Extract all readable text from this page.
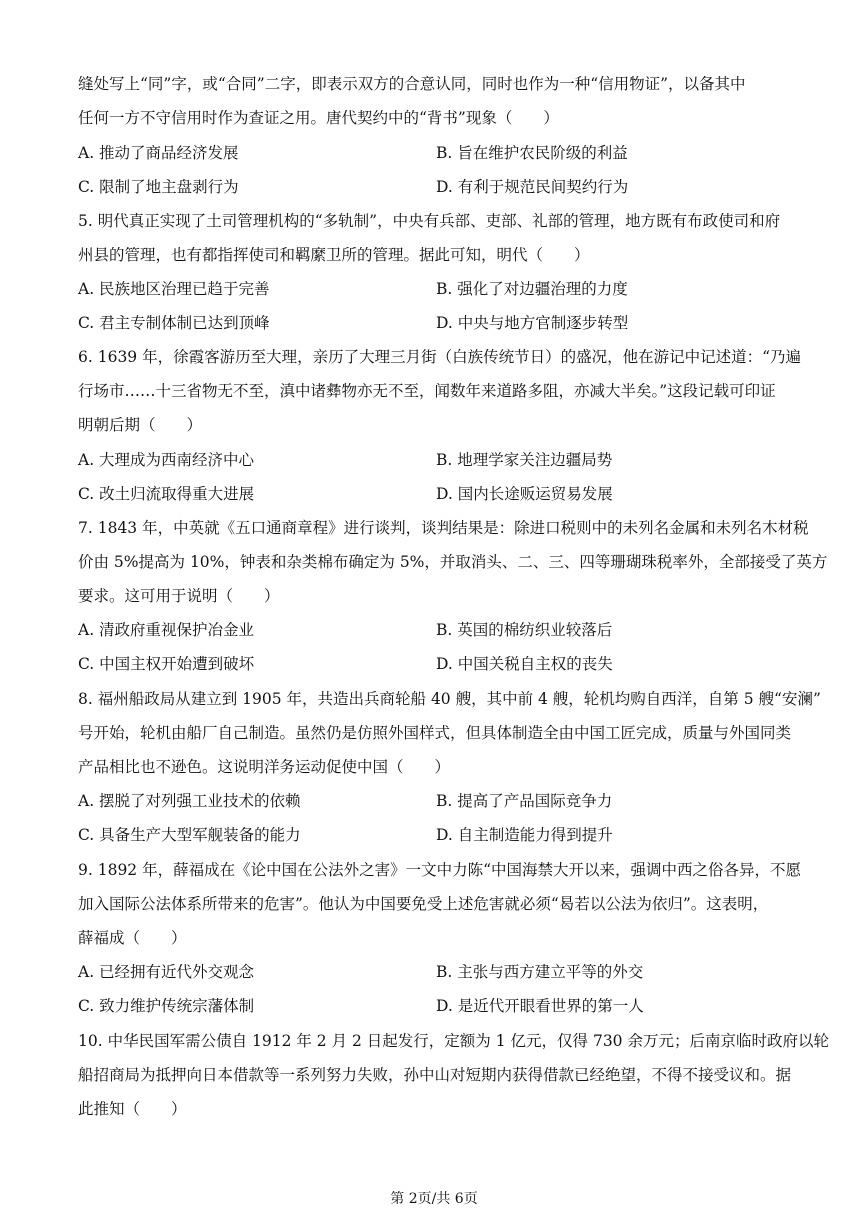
缝处写上“同”字，或“合同”二字，即表示双方的合意认同，同时也作为一种“信用物证”，以备其中
任何一方不守信用时作为查证之用。唐代契约中的“背书”现象（　　）
A. 推动了商品经济发展	B. 旨在维护农民阶级的利益
C. 限制了地主盘剥行为	D. 有利于规范民间契约行为
5. 明代真正实现了土司管理机构的“多轨制”，中央有兵部、吏部、礼部的管理，地方既有布政使司和府
州县的管理，也有都指挥使司和羁縻卫所的管理。据此可知，明代（　　）
A. 民族地区治理已趋于完善	B. 强化了对边疆治理的力度
C. 君主专制体制已达到顶峰	D. 中央与地方官制逐步转型
6. 1639 年，徐霞客游历至大理，亲历了大理三月街（白族传统节日）的盛况，他在游记中记述道：“乃遍
行场市……十三省物无不至，滇中诸彝物亦无不至，闻数年来道路多阻，亦减大半矣。”这段记载可印证
明朝后期（　　）
A. 大理成为西南经济中心	B. 地理学家关注边疆局势
C. 改土归流取得重大进展	D. 国内长途贩运贸易发展
7. 1843 年，中英就《五口通商章程》进行谈判，谈判结果是：除进口税则中的未列名金属和未列名木材税
价由 5%提高为 10%，钟表和杂类棉布确定为 5%，并取消头、二、三、四等珊瑚珠税率外，全部接受了英方
要求。这可用于说明（　　）
A. 清政府重视保护冶金业	B. 英国的棉纺织业较落后
C. 中国主权开始遭到破坏	D. 中国关税自主权的丧失
8. 福州船政局从建立到 1905 年，共造出兵商轮船 40 艘，其中前 4 艘，轮机均购自西洋，自第 5 艘“安澜”
号开始，轮机由船厂自己制造。虽然仍是仿照外国样式，但具体制造全由中国工匠完成，质量与外国同类
产品相比也不逊色。这说明洋务运动促使中国（　　）
A. 摆脱了对列强工业技术的依赖	B. 提高了产品国际竞争力
C. 具备生产大型军舰装备的能力	D. 自主制造能力得到提升
9. 1892 年，薛福成在《论中国在公法外之害》一文中力陈“中国海禁大开以来，强调中西之俗各异，不愿
加入国际公法体系所带来的危害”。他认为中国要免受上述危害就必须“曷若以公法为依归”。这表明，
薛福成（　　）
A. 已经拥有近代外交观念	B. 主张与西方建立平等的外交
C. 致力维护传统宗藩体制	D. 是近代开眼看世界的第一人
10. 中华民国军需公债自 1912 年 2 月 2 日起发行，定额为 1 亿元，仅得 730 余万元；后南京临时政府以轮
船招商局为抵押向日本借款等一系列努力失败，孙中山对短期内获得借款已经绝望，不得不接受议和。据
此推知（　　）
第 2页/共 6页
